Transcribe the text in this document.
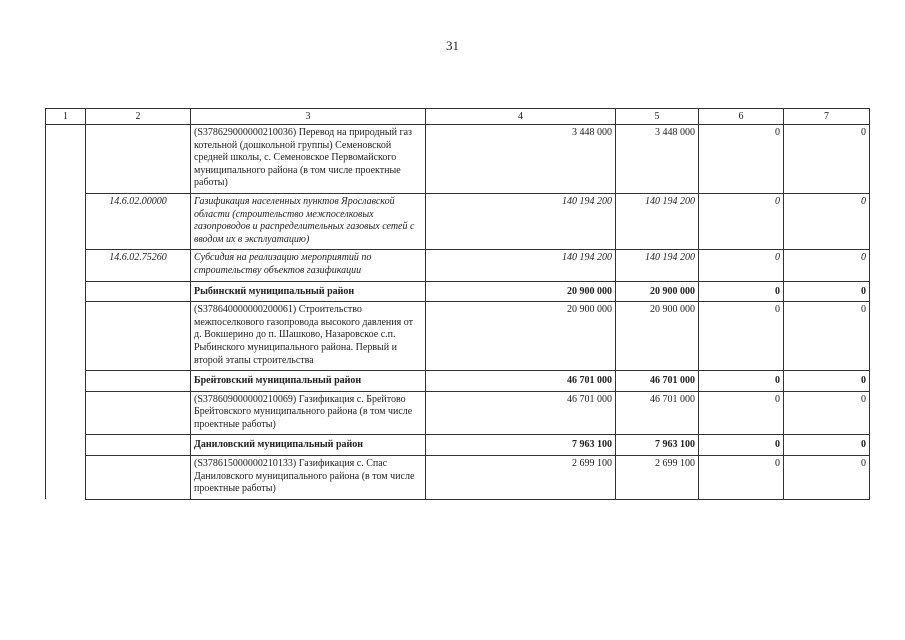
31
1	2	3	4	5	6	7
		(S378629000000210036) Перевод на природный газ котельной (дошкольной группы) Семеновской средней школы, с. Семеновское Первомайского муниципального района (в том числе проектные работы)	3 448 000	3 448 000	0	0
	14.6.02.00000	Газификация населенных пунктов Ярославской области (строительство межпоселковых газопроводов и распределительных газовых сетей с вводом их в эксплуатацию)	140 194 200	140 194 200	0	0
	14.6.02.75260	Субсидия на реализацию мероприятий по строительству объектов газификации	140 194 200	140 194 200	0	0
		Рыбинский муниципальный район	20 900 000	20 900 000	0	0
		(S378640000000200061) Строительство межпоселкового газопровода высокого давления от д. Вокшерино до п. Шашково, Назаровское с.п. Рыбинского муниципального района. Первый и второй этапы строительства	20 900 000	20 900 000	0	0
		Брейтовский муниципальный район	46 701 000	46 701 000	0	0
		(S378609000000210069) Газификация с. Брейтово Брейтовского муниципального района (в том числе проектные работы)	46 701 000	46 701 000	0	0
		Даниловский муниципальный район	7 963 100	7 963 100	0	0
		(S378615000000210133) Газификация с. Спас Даниловского муниципального района (в том числе проектные работы)	2 699 100	2 699 100	0	0
